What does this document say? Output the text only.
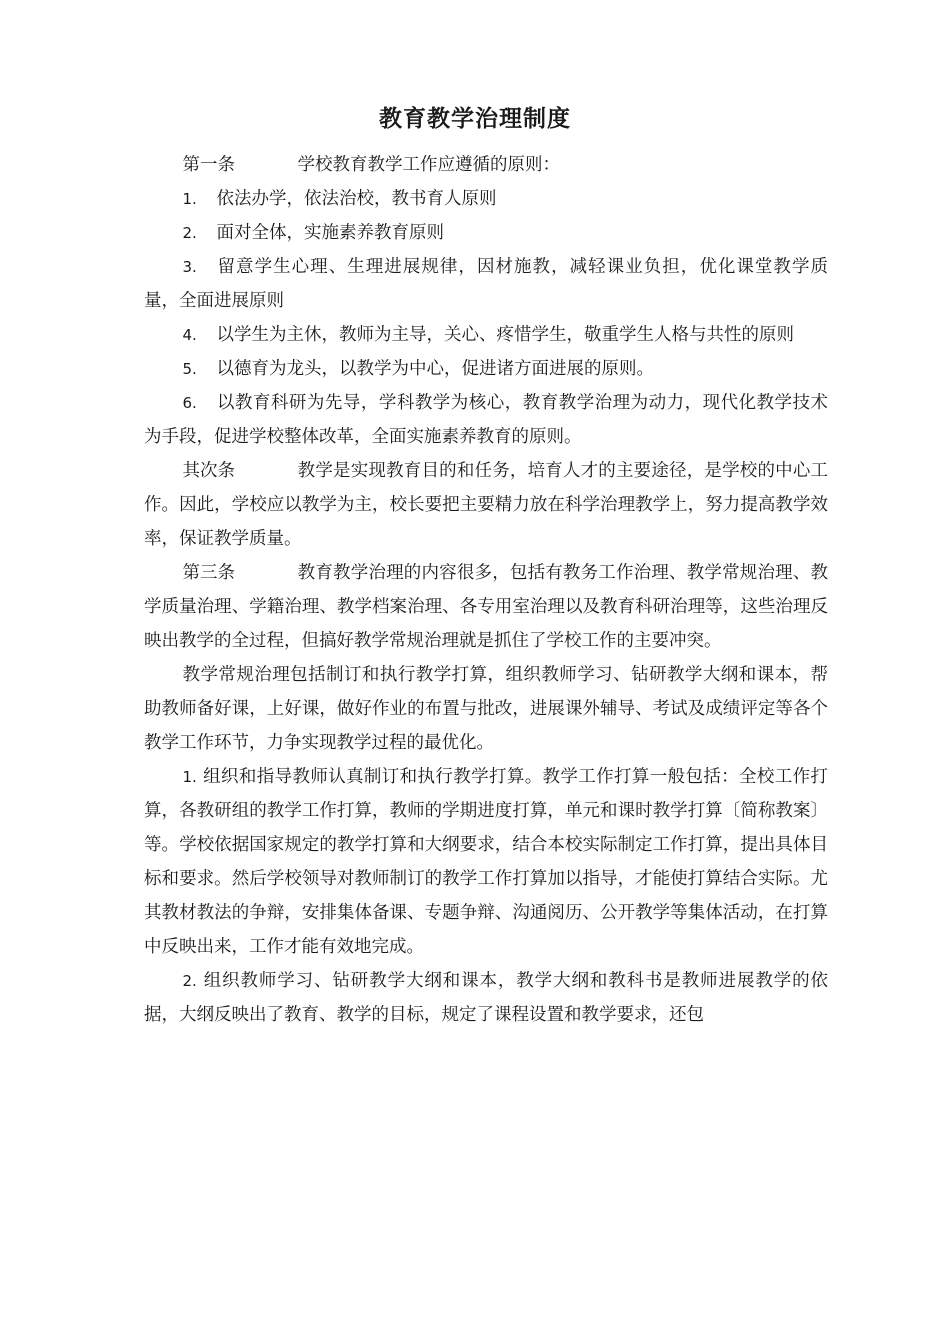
教育教学治理制度

第一条	学校教育教学工作应遵循的原则：

1. 依法办学，依法治校，教书育人原则

2. 面对全体，实施素养教育原则

3. 留意学生心理、生理进展规律，因材施教，减轻课业负担，优化课堂教学质量，全面进展原则

4. 以学生为主休，教师为主导，关心、疼惜学生，敬重学生人格与共性的原则

5. 以德育为龙头，以教学为中心，促进诸方面进展的原则。

6. 以教育科研为先导，学科教学为核心，教育教学治理为动力，现代化教学技术为手段，促进学校整体改革，全面实施素养教育的原则。

其次条	教学是实现教育目的和任务，培育人才的主要途径，是学校的中心工作。因此，学校应以教学为主，校长要把主要精力放在科学治理教学上，努力提高教学效率，保证教学质量。

第三条	教育教学治理的内容很多，包括有教务工作治理、教学常规治理、教学质量治理、学籍治理、教学档案治理、各专用室治理以及教育科研治理等，这些治理反映出教学的全过程，但搞好教学常规治理就是抓住了学校工作的主要冲突。

教学常规治理包括制订和执行教学打算，组织教师学习、钻研教学大纲和课本，帮助教师备好课，上好课，做好作业的布置与批改，进展课外辅导、考试及成绩评定等各个教学工作环节，力争实现教学过程的最优化。

1. 组织和指导教师认真制订和执行教学打算。教学工作打算一般包括：全校工作打算，各教研组的教学工作打算，教师的学期进度打算，单元和课时教学打算〔简称教案〕等。学校依据国家规定的教学打算和大纲要求，结合本校实际制定工作打算，提出具体目标和要求。然后学校领导对教师制订的教学工作打算加以指导，才能使打算结合实际。尤其教材教法的争辩，安排集体备课、专题争辩、沟通阅历、公开教学等集体活动，在打算中反映出来，工作才能有效地完成。

2. 组织教师学习、钻研教学大纲和课本，教学大纲和教科书是教师进展教学的依据，大纲反映出了教育、教学的目标，规定了课程设置和教学要求，还包
